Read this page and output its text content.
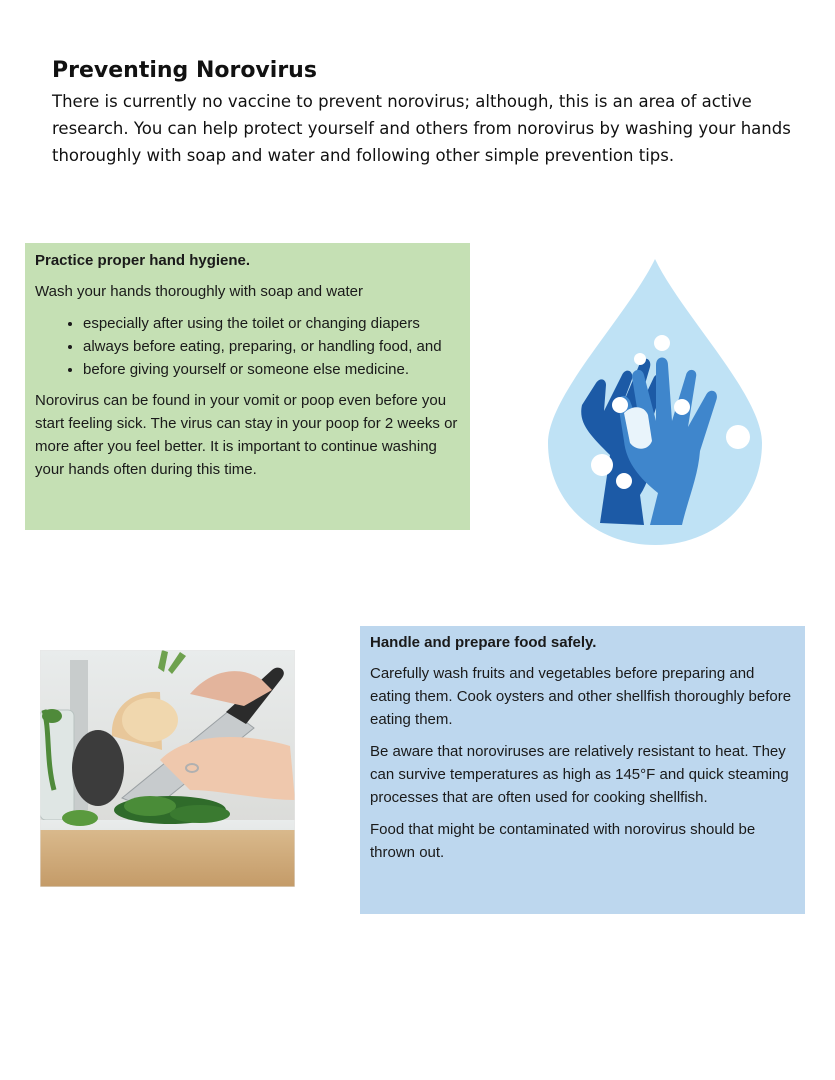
Preventing Norovirus

There is currently no vaccine to prevent norovirus; although, this is an area of active research. You can help protect yourself and others from norovirus by washing your hands thoroughly with soap and water and following other simple prevention tips.

Practice proper hand hygiene.

Wash your hands thoroughly with soap and water

• especially after using the toilet or changing diapers
• always before eating, preparing, or handling food, and
• before giving yourself or someone else medicine.

Norovirus can be found in your vomit or poop even before you start feeling sick. The virus can stay in your poop for 2 weeks or more after you feel better. It is important to continue washing your hands often during this time.

Handle and prepare food safely.

Carefully wash fruits and vegetables before preparing and eating them. Cook oysters and other shellfish thoroughly before eating them.

Be aware that noroviruses are relatively resistant to heat. They can survive temperatures as high as 145°F and quick steaming processes that are often used for cooking shellfish.

Food that might be contaminated with norovirus should be thrown out.
